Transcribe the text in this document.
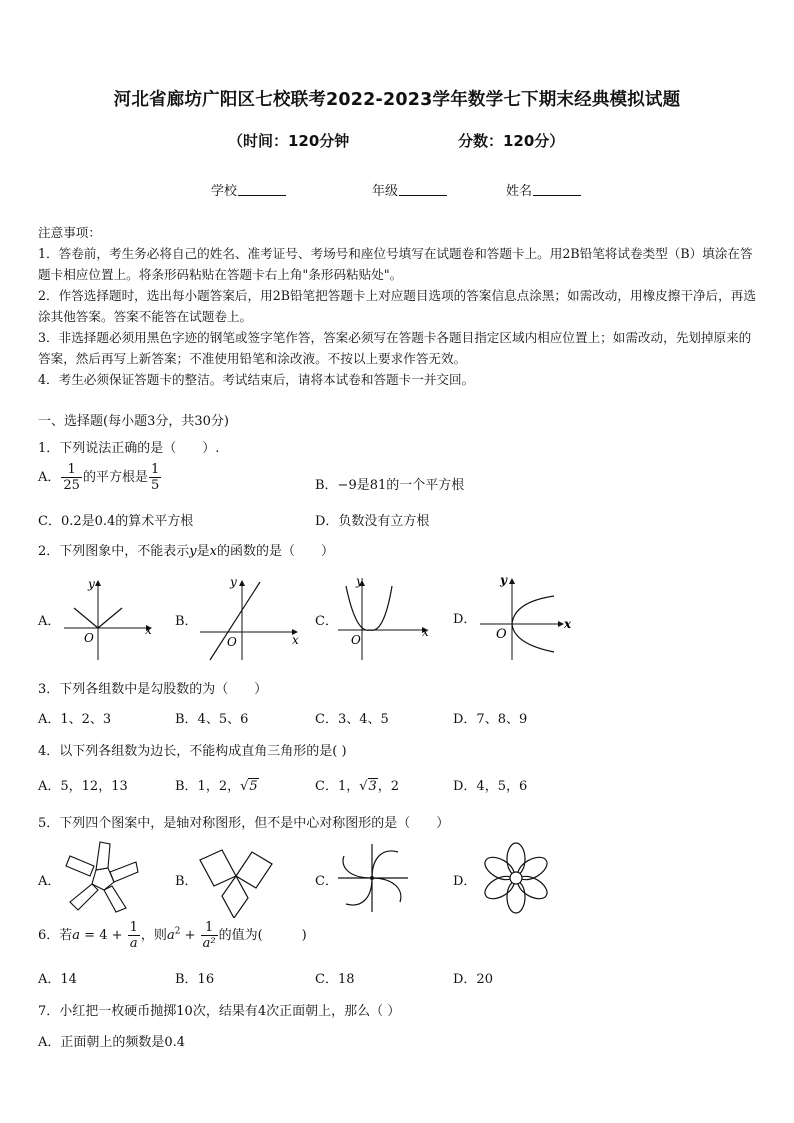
河北省廊坊广阳区七校联考2022-2023学年数学七下期末经典模拟试题
（时间：120分钟	分数：120分）
学校	年级	姓名
注意事项：
1．答卷前，考生务必将自己的姓名、准考证号、考场号和座位号填写在试题卷和答题卡上。用2B铅笔将试卷类型（B）填涂在答题卡相应位置上。将条形码粘贴在答题卡右上角"条形码粘贴处"。
2．作答选择题时，选出每小题答案后，用2B铅笔把答题卡上对应题目选项的答案信息点涂黑；如需改动，用橡皮擦干净后，再选涂其他答案。答案不能答在试题卷上。
3．非选择题必须用黑色字迹的钢笔或签字笔作答，答案必须写在答题卡各题目指定区域内相应位置上；如需改动，先划掉原来的答案，然后再写上新答案；不准使用铅笔和涂改液。不按以上要求作答无效。
4．考生必须保证答题卡的整洁。考试结束后，请将本试卷和答题卡一并交回。
一、选择题(每小题3分，共30分)
1．下列说法正确的是（　　）.
A． $\frac{1}{25}$ 的平方根是 $\frac{1}{5}$	B．−9是81的一个平方根
C．0.2是0.4的算术平方根	D．负数没有立方根
2．下列图象中，不能表示y是x的函数的是（　　）
A．
y
x
O
B．
y
x
O
C．
y
x
O
D．
y
x
O
3．下列各组数中是勾股数的为（　　）
A．1、2、3	B．4、5、6	C．3、4、5	D．7、8、9
4．以下列各组数为边长，不能构成直角三角形的是( )
A．5，12，13	B．1，2，√5	C．1，√3，2	D．4，5，6
5．下列四个图案中，是轴对称图形，但不是中心对称图形的是（　　）
A．	B．	C．	D．
6．若$a = 4 + \frac{1}{a}$ ，则$a^2 + \frac{1}{\text{a²}}$ 的值为(　　　)
A．14	B．16	C．18	D．20
7．小红把一枚硬币抛掷10次，结果有4次正面朝上，那么（ ）
A．正面朝上的频数是0.4
